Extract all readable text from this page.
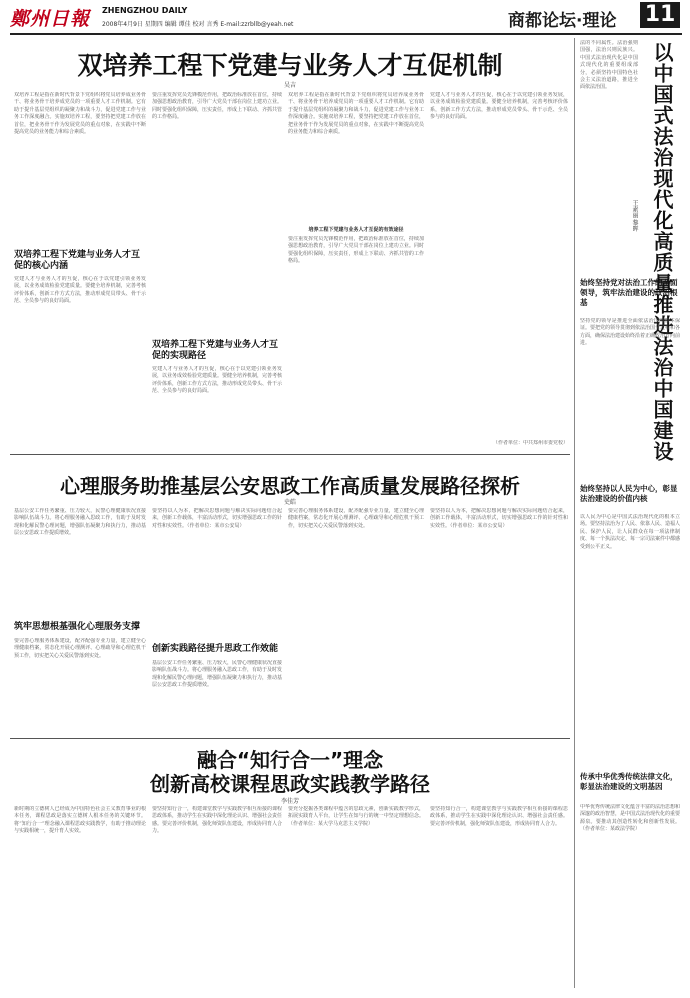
鄭州日報 ZHENGZHOU DAILY
2008年4月9日 星期四 编辑 谭佳 校对 言秀 E-mail:zzrbllb@yeah.net	商都论坛·理论 11
以中国式法治现代化高质量推进法治中国建设
王素丽 黎晖
法的不同属性。法治强则国强，法治兴则民族兴。中国式法治现代化是中国式现代化的重要组成部分，必须坚持中国特色社会主义法治道路，推进全面依法治国。
始终坚持党对法治工作的全面领导，筑牢法治建设的政治根基
坚持党的领导是推进全面依法治国的根本保证。要把党的领导贯彻到依法治国全过程和各方面，确保法治建设始终沿着正确政治方向前进。
始终坚持以人民为中心，彰显法治建设的价值内核
以人民为中心是中国式法治现代化的根本立场。要坚持法治为了人民、依靠人民、造福人民、保护人民，让人民群众在每一项法律制度、每一个执法决定、每一宗司法案件中都感受到公平正义。
传承中华优秀传统法律文化，彰显法治建设的文明基因
中华优秀传统法律文化蕴含丰富的法治思想和深邃的政治智慧，是中国式法治现代化的重要源泉。要推动其创造性转化和创新性发展。（作者单位：某政法学院）
双培养工程下党建与业务人才互促机制
吴吉
双培养工程是指在新时代背景下党组织将党员培养成业务骨干、将业务骨干培养成党员的一项重要人才工作机制。它有助于提升基层党组织的凝聚力和战斗力，促进党建工作与业务工作深度融合。实施双培养工程，要坚持把党建工作放在首位，把业务骨干作为发展党员的重点对象，在实践中不断提高党员的业务能力和综合素质。
双培养工程下党建与业务人才互促的核心内涵
党建人才与业务人才的互促，核心在于以党建引领业务发展，以业务成效检验党建质量。要健全培养机制，完善考核评价体系，创新工作方式方法，推动形成党员带头、骨干示范、全员参与的良好局面。
要注重发挥党员先锋模范作用，把政治标准放在首位，持续加强思想政治教育，引导广大党员干部在岗位上建功立业。同时要强化组织保障，压实责任，形成上下联动、齐抓共管的工作格局。
双培养工程下党建与业务人才互促的实现路径
党建人才与业务人才的互促，核心在于以党建引领业务发展，以业务成效检验党建质量。要健全培养机制，完善考核评价体系，创新工作方式方法，推动形成党员带头、骨干示范、全员参与的良好局面。
双培养工程是指在新时代背景下党组织将党员培养成业务骨干、将业务骨干培养成党员的一项重要人才工作机制。它有助于提升基层党组织的凝聚力和战斗力，促进党建工作与业务工作深度融合。实施双培养工程，要坚持把党建工作放在首位，把业务骨干作为发展党员的重点对象，在实践中不断提高党员的业务能力和综合素质。
培养工程下党建与业务人才互促的有效途径
要注重发挥党员先锋模范作用，把政治标准放在首位，持续加强思想政治教育，引导广大党员干部在岗位上建功立业。同时要强化组织保障，压实责任，形成上下联动、齐抓共管的工作格局。
党建人才与业务人才的互促，核心在于以党建引领业务发展，以业务成效检验党建质量。要健全培养机制，完善考核评价体系，创新工作方式方法，推动形成党员带头、骨干示范、全员参与的良好局面。
（作者单位：中共郑州市委党校）
心理服务助推基层公安思政工作高质量发展路径探析
史皓
基层公安工作任务繁重、压力较大，民警心理健康状况直接影响队伍战斗力。将心理服务融入思政工作，有助于及时发现和化解民警心理问题，增强队伍凝聚力和执行力，推动基层公安思政工作提质增效。
筑牢思想根基强化心理服务支撑
要完善心理服务体系建设，配齐配强专业力量，建立健全心理健康档案，常态化开展心理测评、心理疏导和心理危机干预工作，切实把关心关爱民警落到实处。
要坚持以人为本，把解决思想问题与解决实际问题结合起来，创新工作载体，丰富活动形式，切实增强思政工作的针对性和实效性。（作者单位：某市公安局）
创新实践路径提升思政工作效能
基层公安工作任务繁重、压力较大，民警心理健康状况直接影响队伍战斗力。将心理服务融入思政工作，有助于及时发现和化解民警心理问题，增强队伍凝聚力和执行力，推动基层公安思政工作提质增效。
要完善心理服务体系建设，配齐配强专业力量，建立健全心理健康档案，常态化开展心理测评、心理疏导和心理危机干预工作，切实把关心关爱民警落到实处。
要坚持以人为本，把解决思想问题与解决实际问题结合起来，创新工作载体，丰富活动形式，切实增强思政工作的针对性和实效性。（作者单位：某市公安局）
融合“知行合一”理念
创新高校课程思政实践教学路径
李佳芳
新时期的立德树人已经成为中国特色社会主义教育事业的根本任务，课程思政是落实立德树人根本任务的关键环节。将“知行合一”理念融入课程思政实践教学，有助于推动理论与实践相统一，提升育人实效。
要坚持知行合一，构建课堂教学与实践教学相互衔接的课程思政体系，推动学生在实践中深化理论认识、增强社会责任感。要完善评价机制，强化师资队伍建设，形成协同育人合力。
要充分挖掘各类课程中蕴含的思政元素，创新实践教学形式，拓展实践育人平台，让学生在知与行的统一中坚定理想信念。（作者单位：某大学马克思主义学院）
要坚持知行合一，构建课堂教学与实践教学相互衔接的课程思政体系，推动学生在实践中深化理论认识、增强社会责任感。要完善评价机制，强化师资队伍建设，形成协同育人合力。
